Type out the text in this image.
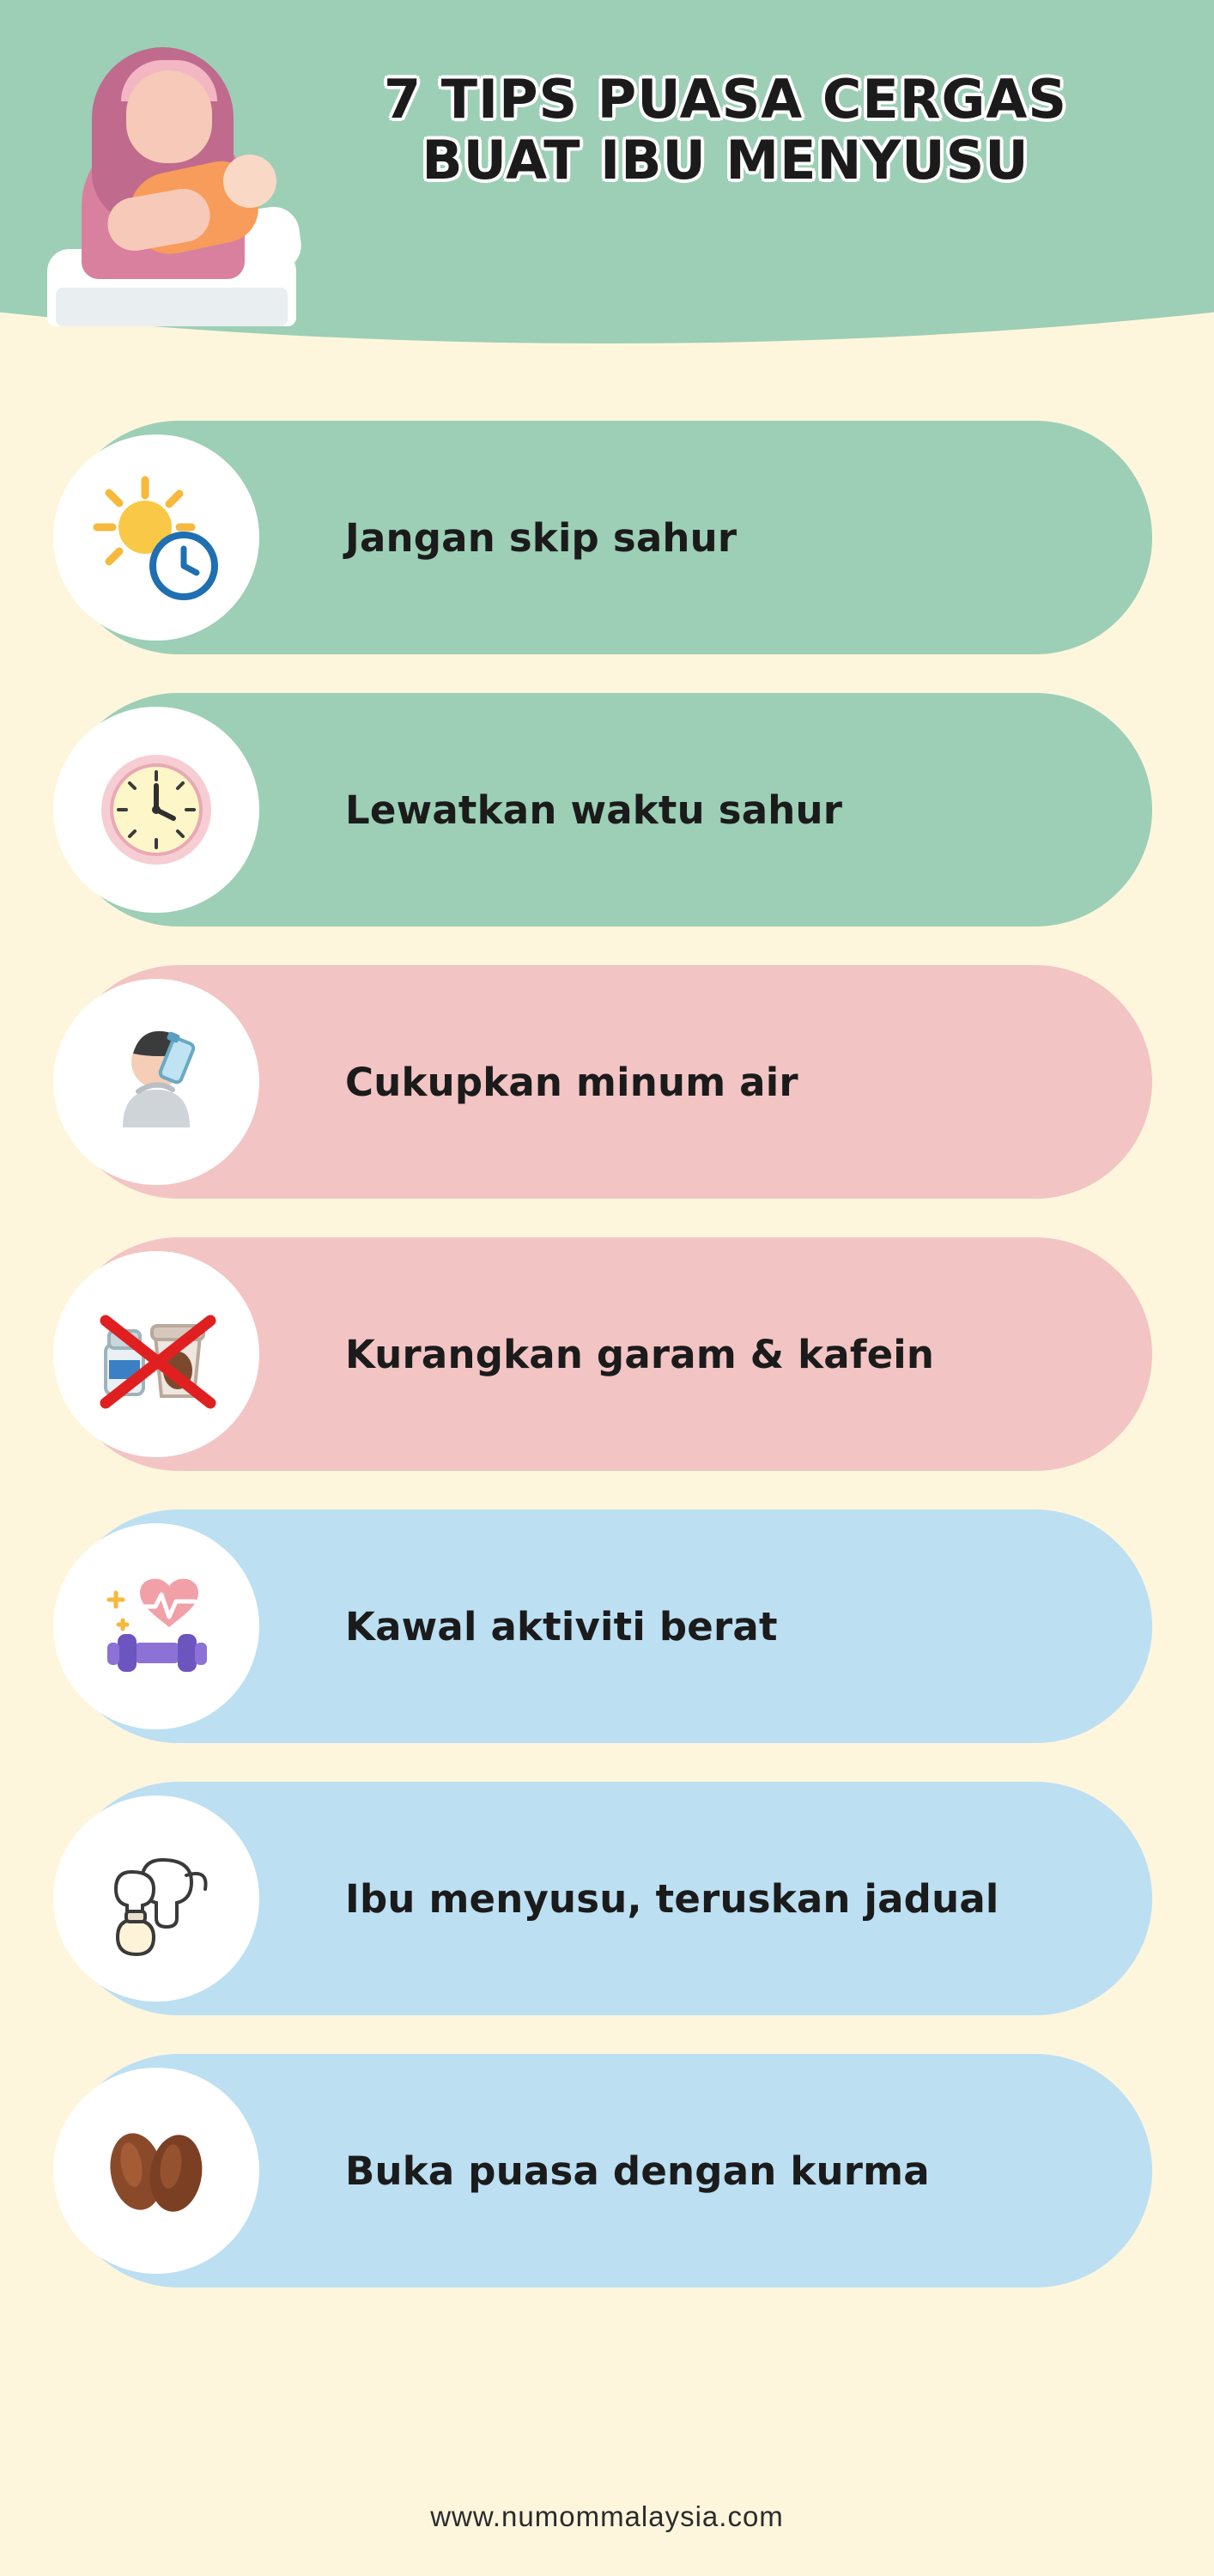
7 TIPS PUASA CERGAS
BUAT IBU MENYUSU
Jangan skip sahur
Lewatkan waktu sahur
Cukupkan minum air
Kurangkan garam & kafein
Kawal aktiviti berat
Ibu menyusu, teruskan jadual
Buka puasa dengan kurma
www.numommalaysia.com
